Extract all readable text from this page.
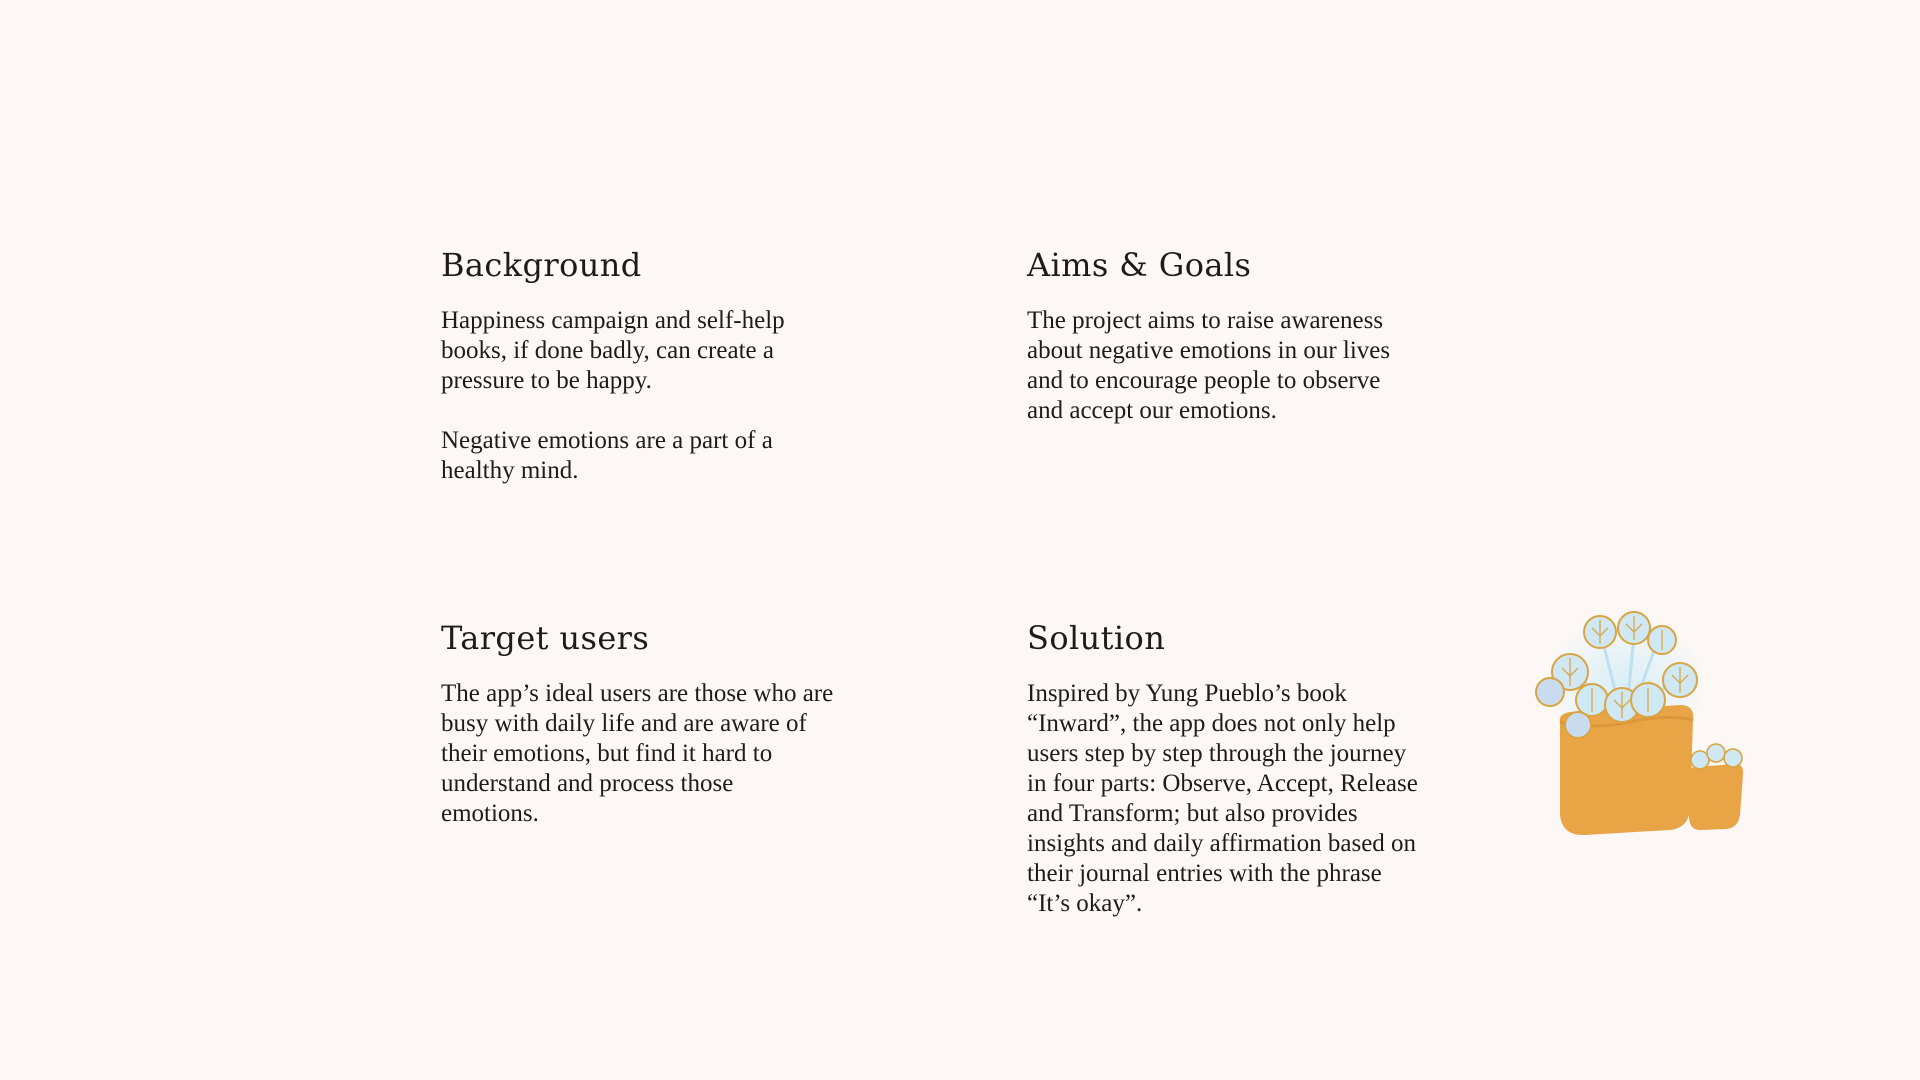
Background

Happiness campaign and self-help
books, if done badly, can create a
pressure to be happy.

Negative emotions are a part of a
healthy mind.

Aims & Goals

The project aims to raise awareness
about negative emotions in our lives
and to encourage people to observe
and accept our emotions.

Target users

The app’s ideal users are those who are
busy with daily life and are aware of
their emotions, but find it hard to
understand and process those
emotions.

Solution

Inspired by Yung Pueblo’s book
“Inward”, the app does not only help
users step by step through the journey
in four parts: Observe, Accept, Release
and Transform; but also provides
insights and daily affirmation based on
their journal entries with the phrase
“It’s okay”.
